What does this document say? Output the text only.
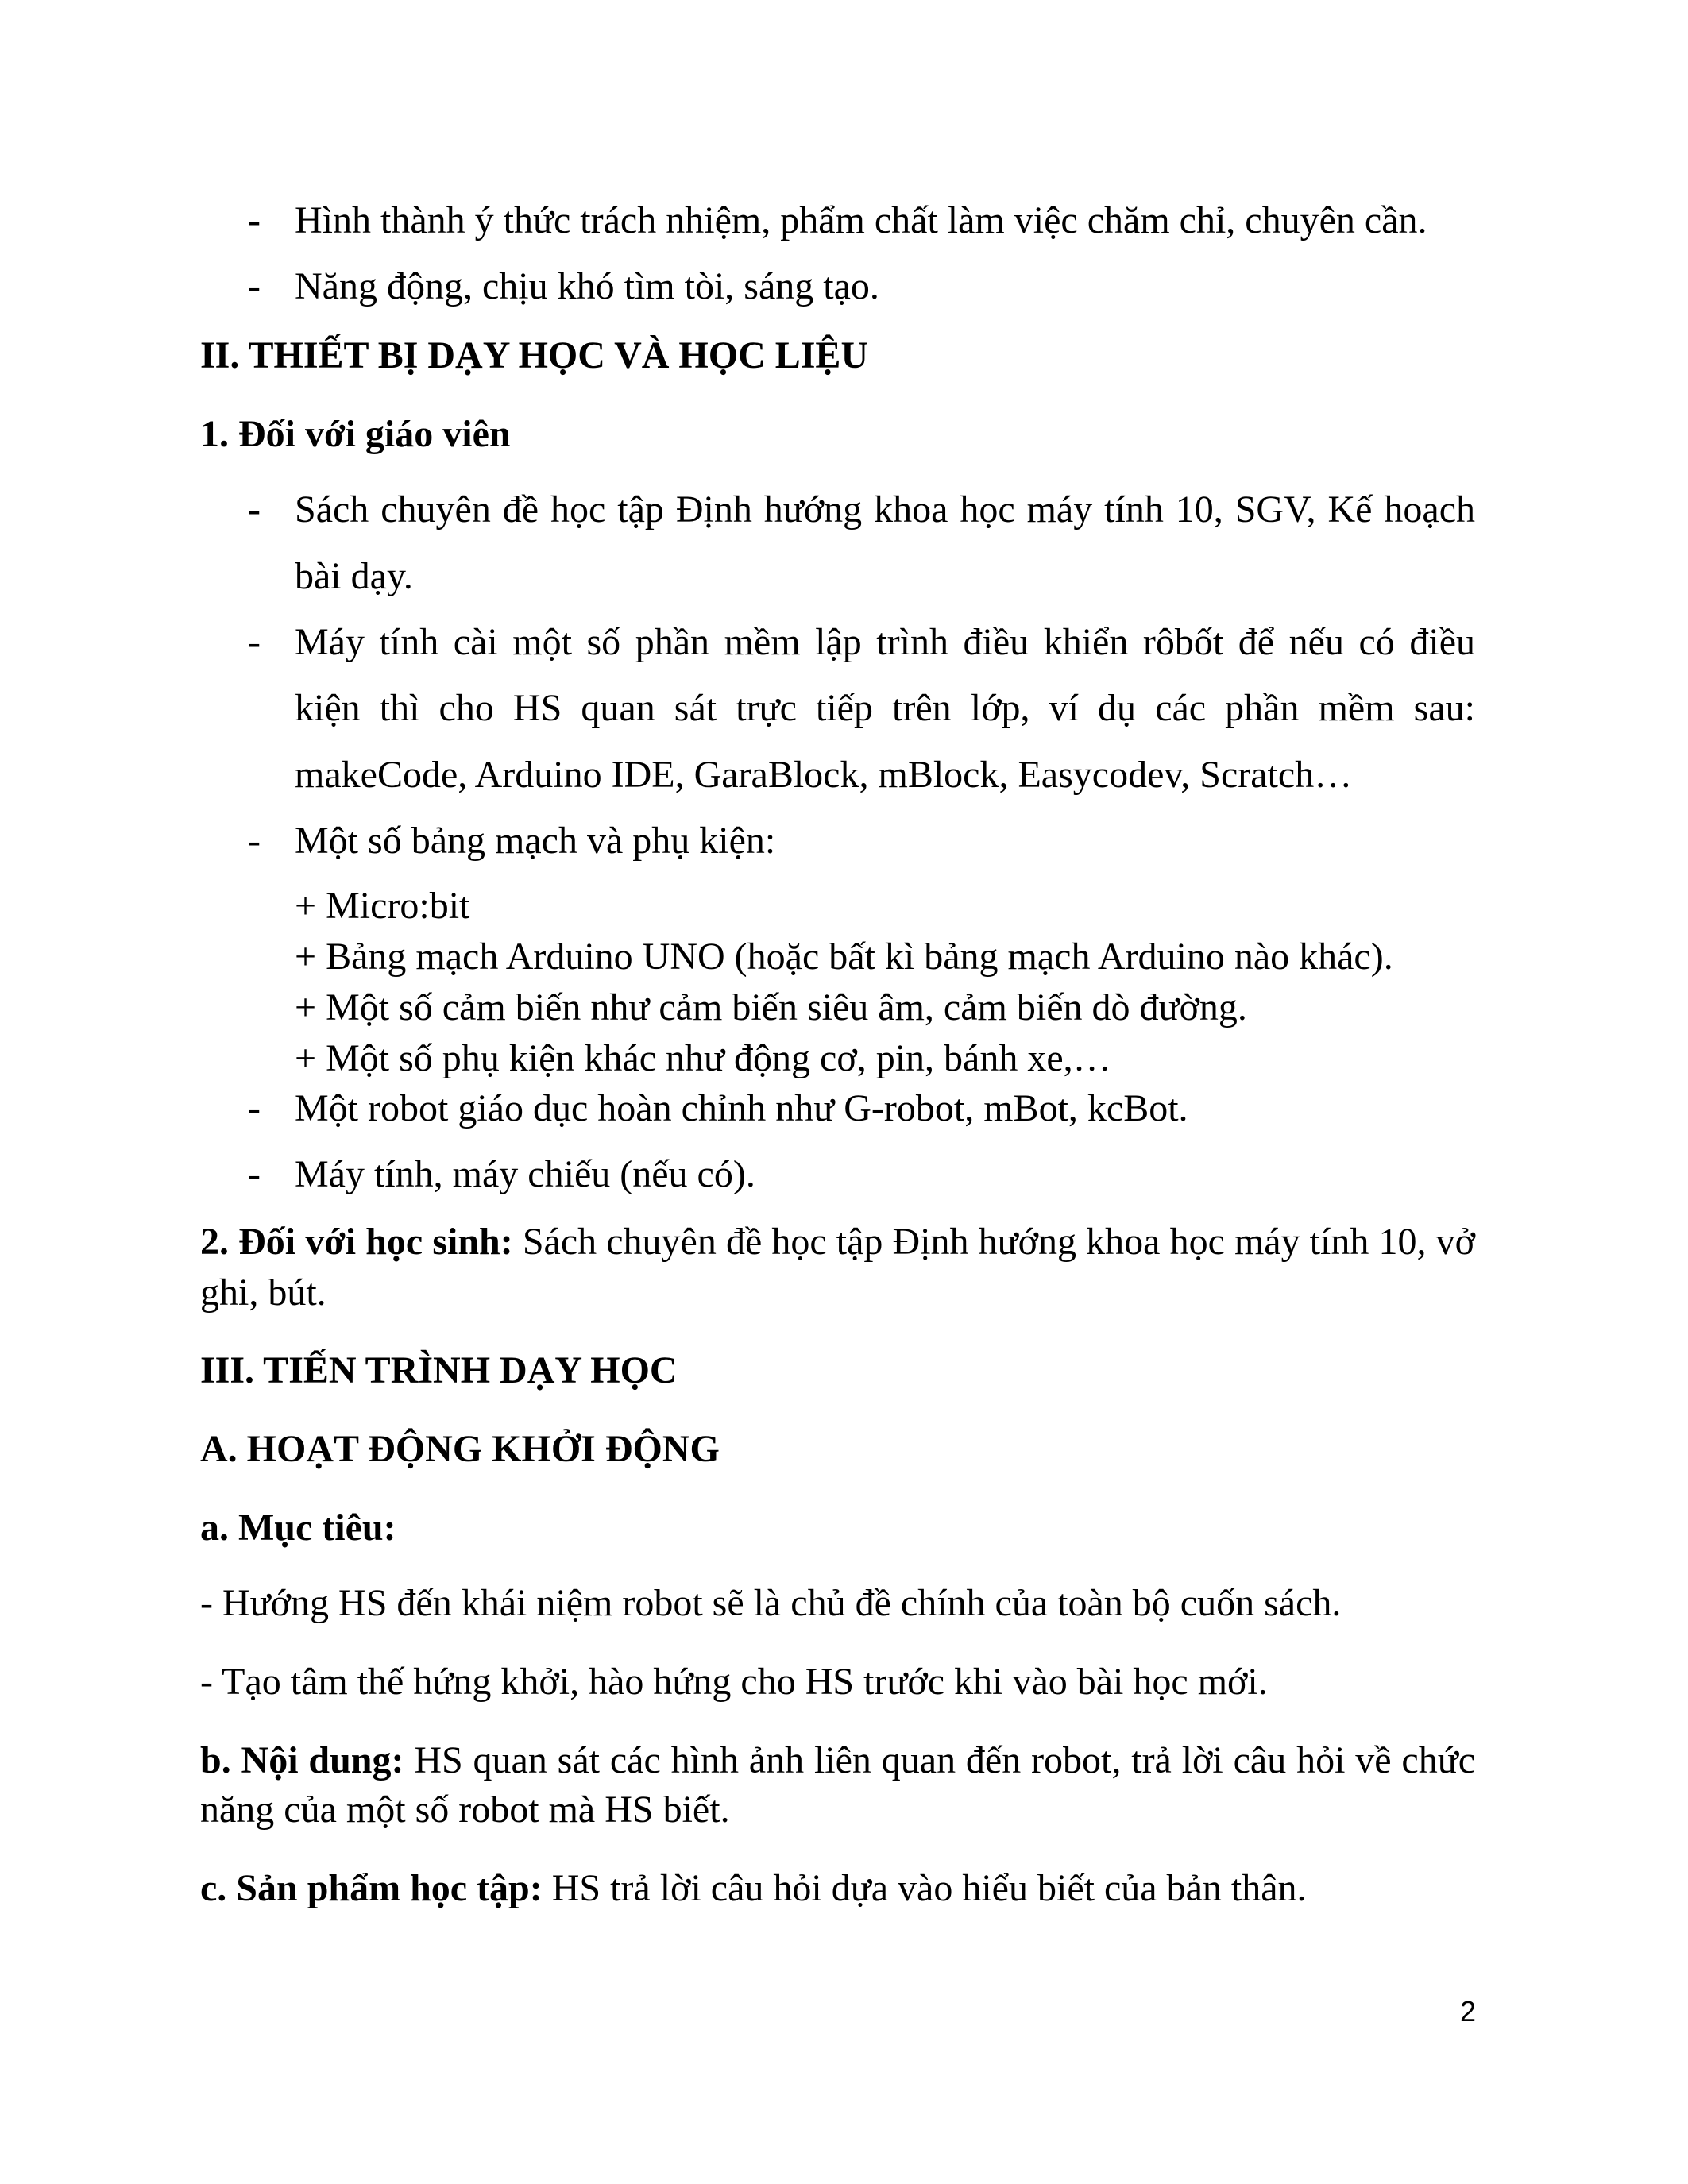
- Hình thành ý thức trách nhiệm, phẩm chất làm việc chăm chỉ, chuyên cần.
- Năng động, chịu khó tìm tòi, sáng tạo.
II. THIẾT BỊ DẠY HỌC VÀ HỌC LIỆU
1. Đối với giáo viên
- Sách chuyên đề học tập Định hướng khoa học máy tính 10, SGV, Kế hoạch
bài dạy.
- Máy tính cài một số phần mềm lập trình điều khiển rôbốt để nếu có điều
kiện thì cho HS quan sát trực tiếp trên lớp, ví dụ các phần mềm sau:
makeCode, Arduino IDE, GaraBlock, mBlock, Easycodev, Scratch…
- Một số bảng mạch và phụ kiện:
+ Micro:bit
+ Bảng mạch Arduino UNO (hoặc bất kì bảng mạch Arduino nào khác).
+ Một số cảm biến như cảm biến siêu âm, cảm biến dò đường.
+ Một số phụ kiện khác như động cơ, pin, bánh xe,…
- Một robot giáo dục hoàn chỉnh như G-robot, mBot, kcBot.
- Máy tính, máy chiếu (nếu có).
2. Đối với học sinh: Sách chuyên đề học tập Định hướng khoa học máy tính 10, vở
ghi, bút.
III. TIẾN TRÌNH DẠY HỌC
A. HOẠT ĐỘNG KHỞI ĐỘNG
a. Mục tiêu:
- Hướng HS đến khái niệm robot sẽ là chủ đề chính của toàn bộ cuốn sách.
- Tạo tâm thế hứng khởi, hào hứng cho HS trước khi vào bài học mới.
b. Nội dung: HS quan sát các hình ảnh liên quan đến robot, trả lời câu hỏi về chức
năng của một số robot mà HS biết.
c. Sản phẩm học tập: HS trả lời câu hỏi dựa vào hiểu biết của bản thân.
2
